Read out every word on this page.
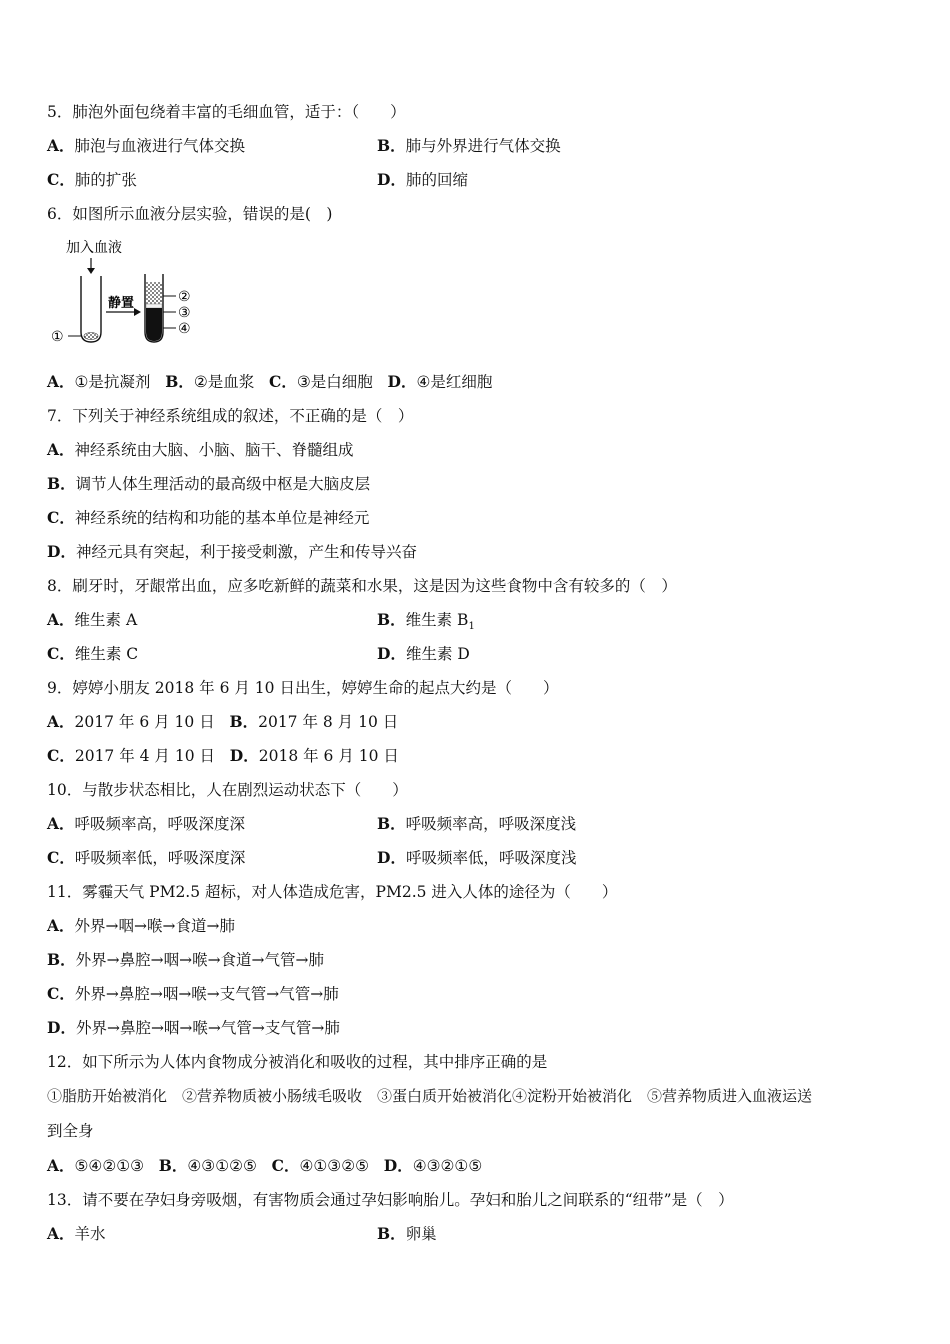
5．肺泡外面包绕着丰富的毛细血管，适于：（　　）
A．肺泡与血液进行气体交换	B．肺与外界进行气体交换
C．肺的扩张	D．肺的回缩
6．如图所示血液分层实验，错误的是(　)
加入血液
①
静置	②
③
④
A．①是抗凝剂 B．②是血浆 C．③是白细胞 D．④是红细胞
7．下列关于神经系统组成的叙述，不正确的是（　）
A．神经系统由大脑、小脑、脑干、脊髓组成
B．调节人体生理活动的最高级中枢是大脑皮层
C．神经系统的结构和功能的基本单位是神经元
D．神经元具有突起，利于接受刺激，产生和传导兴奋
8．刷牙时，牙龈常出血，应多吃新鲜的蔬菜和水果，这是因为这些食物中含有较多的（　）
A．维生素 A	B．维生素 $B_1$
C．维生素 C	D．维生素 D
9．婷婷小朋友 2018 年 6 月 10 日出生，婷婷生命的起点大约是（　　）
A．2017 年 6 月 10 日 B．2017 年 8 月 10 日
C．2017 年 4 月 10 日 D．2018 年 6 月 10 日
10．与散步状态相比，人在剧烈运动状态下（　　）
A．呼吸频率高，呼吸深度深	B．呼吸频率高，呼吸深度浅
C．呼吸频率低，呼吸深度深	D．呼吸频率低，呼吸深度浅
11．雾霾天气 PM2.5 超标，对人体造成危害，PM2.5 进入人体的途径为（　　）
A．外界→咽→喉→食道→肺
B．外界→鼻腔→咽→喉→食道→气管→肺
C．外界→鼻腔→咽→喉→支气管→气管→肺
D．外界→鼻腔→咽→喉→气管→支气管→肺
12．如下所示为人体内食物成分被消化和吸收的过程，其中排序正确的是
①脂肪开始被消化　②营养物质被小肠绒毛吸收　③蛋白质开始被消化④淀粉开始被消化　⑤营养物质进入血液运送
到全身
A．⑤④②①③ B．④③①②⑤ C．④①③②⑤ D．④③②①⑤
13．请不要在孕妇身旁吸烟，有害物质会通过孕妇影响胎儿。孕妇和胎儿之间联系的“纽带”是（　）
A．羊水	B．卵巢
